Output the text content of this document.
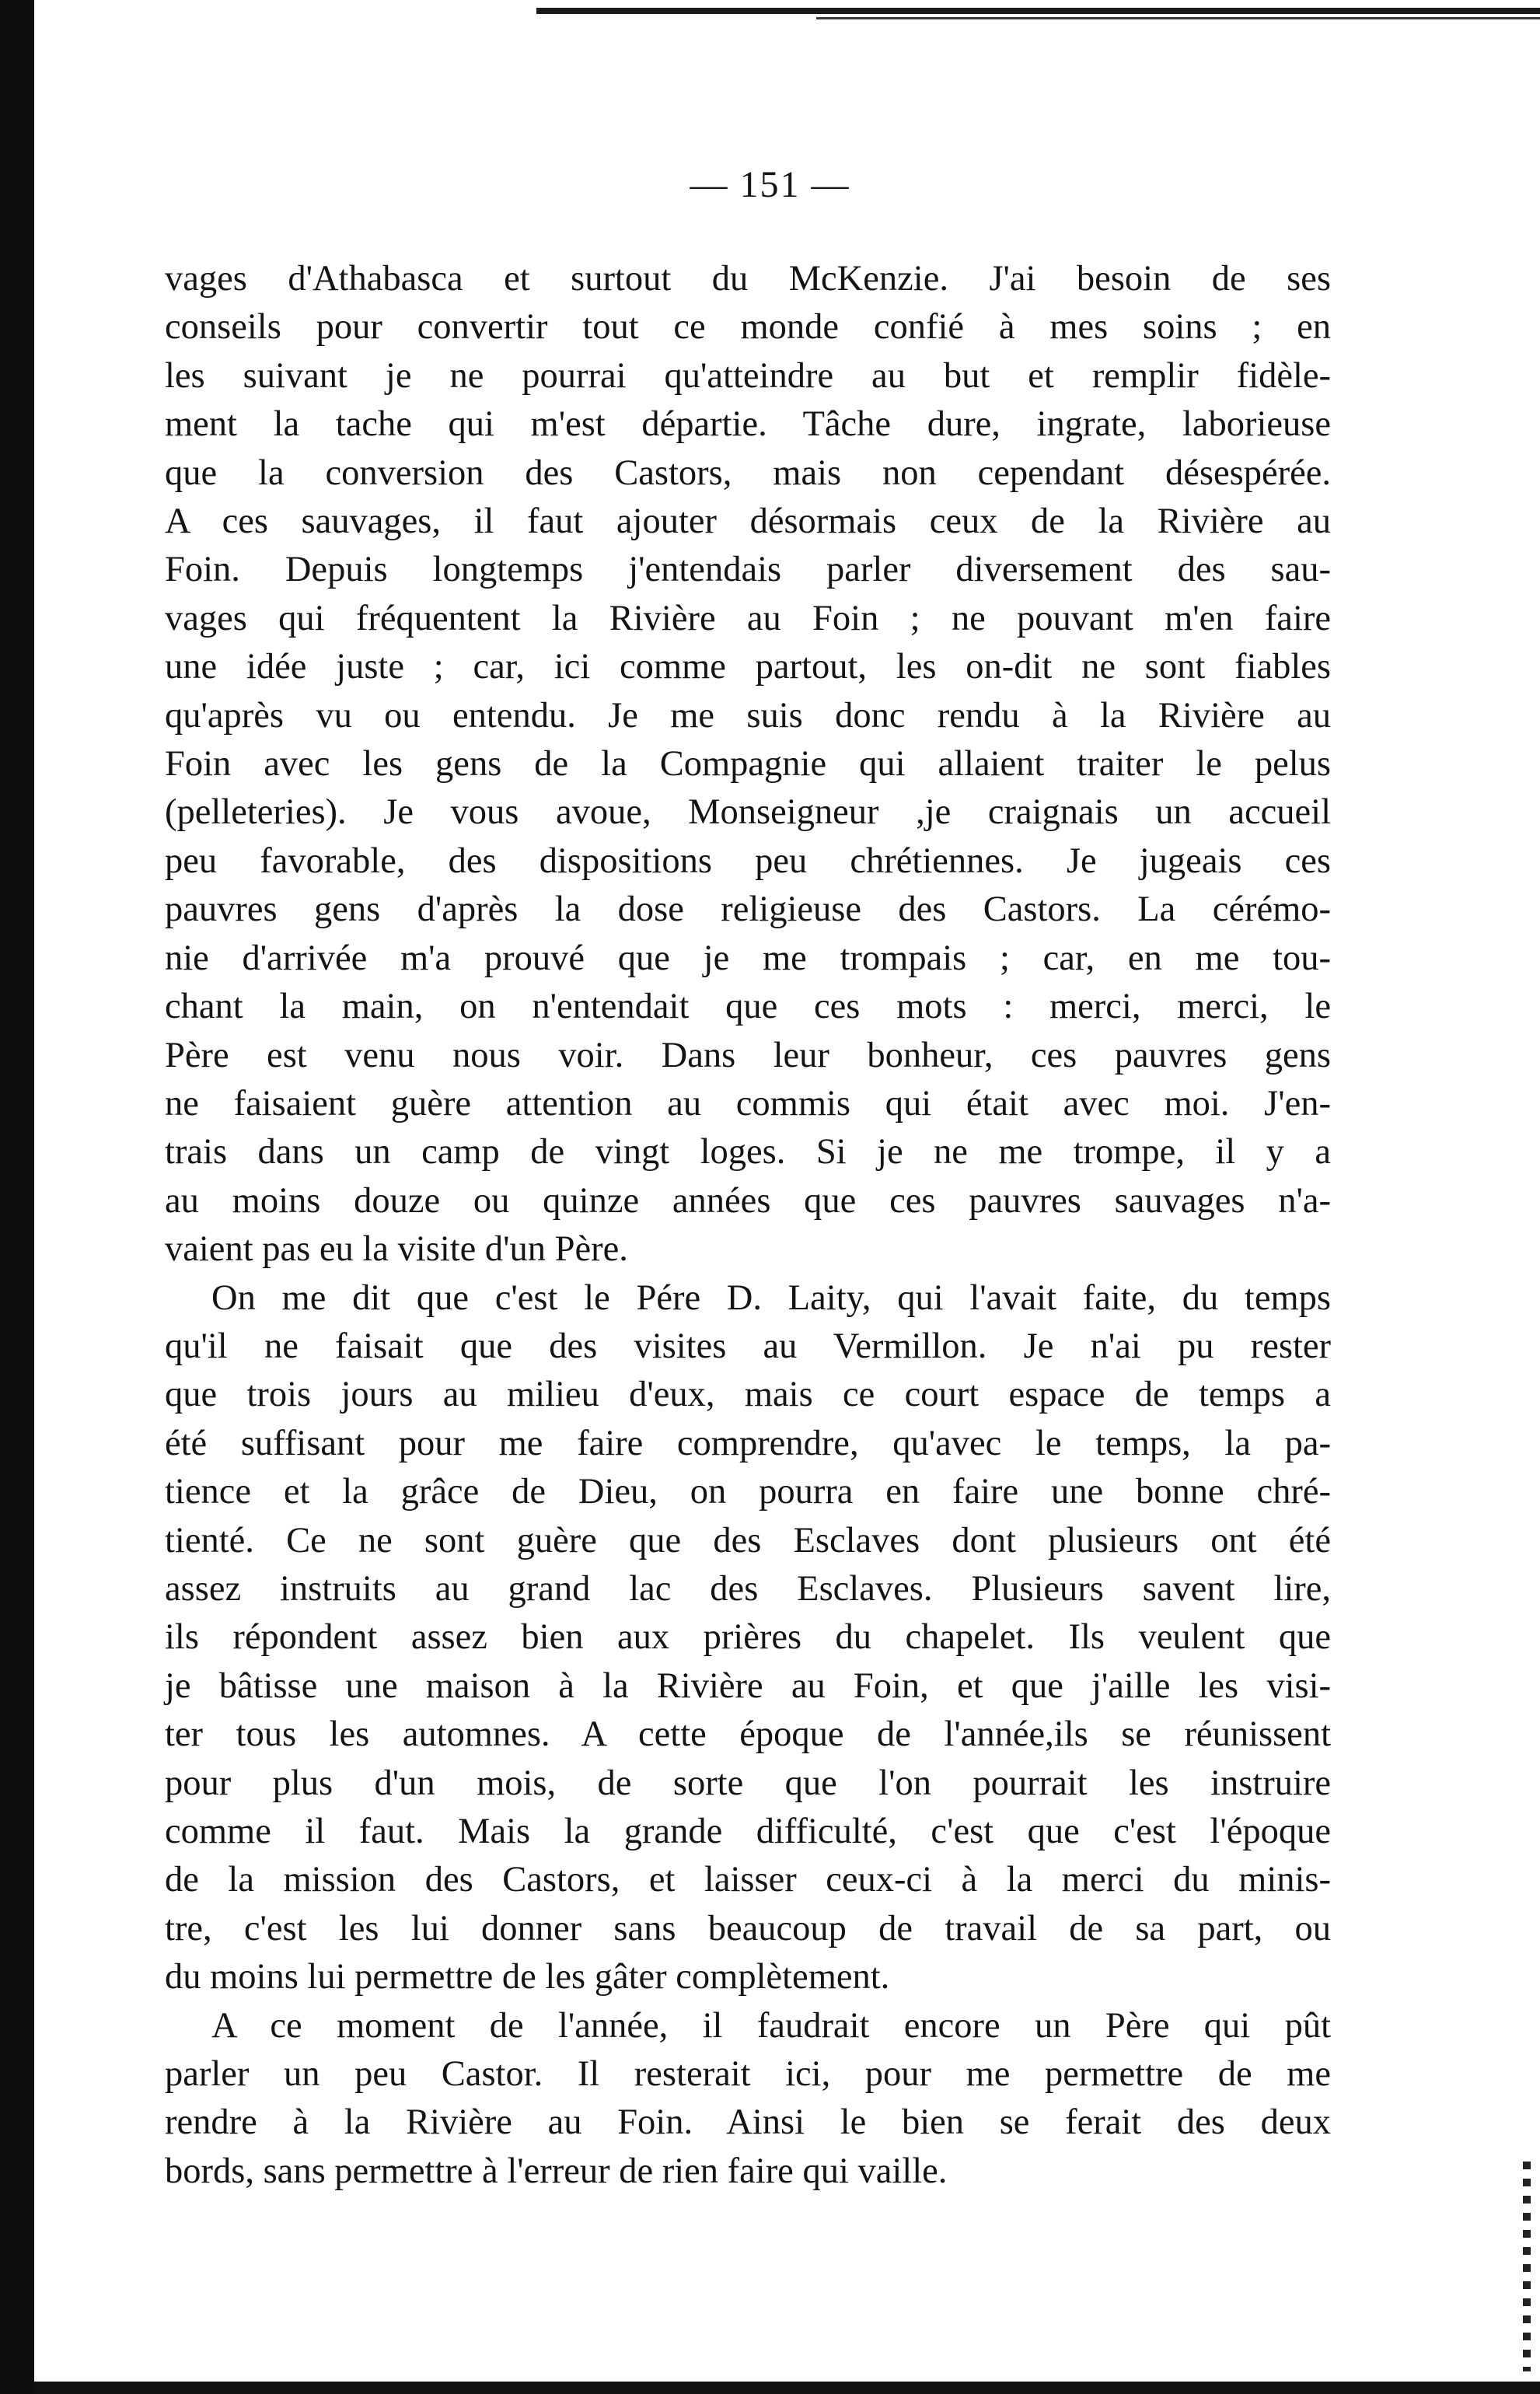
— 151 —
vages d'Athabasca et surtout du McKenzie. J'ai besoin de ses
conseils pour convertir tout ce monde confié à mes soins ; en
les suivant je ne pourrai qu'atteindre au but et remplir fidèle-
ment la tache qui m'est départie. Tâche dure, ingrate, laborieuse
que la conversion des Castors, mais non cependant désespérée.
A ces sauvages, il faut ajouter désormais ceux de la Rivière au
Foin. Depuis longtemps j'entendais parler diversement des sau-
vages qui fréquentent la Rivière au Foin ; ne pouvant m'en faire
une idée juste ; car, ici comme partout, les on-dit ne sont fiables
qu'après vu ou entendu. Je me suis donc rendu à la Rivière au
Foin avec les gens de la Compagnie qui allaient traiter le pelus
(pelleteries). Je vous avoue, Monseigneur ,je craignais un accueil
peu favorable, des dispositions peu chrétiennes. Je jugeais ces
pauvres gens d'après la dose religieuse des Castors. La cérémo-
nie d'arrivée m'a prouvé que je me trompais ; car, en me tou-
chant la main, on n'entendait que ces mots : merci, merci, le
Père est venu nous voir. Dans leur bonheur, ces pauvres gens
ne faisaient guère attention au commis qui était avec moi. J'en-
trais dans un camp de vingt loges. Si je ne me trompe, il y a
au moins douze ou quinze années que ces pauvres sauvages n'a-
vaient pas eu la visite d'un Père.
On me dit que c'est le Pére D. Laity, qui l'avait faite, du temps
qu'il ne faisait que des visites au Vermillon. Je n'ai pu rester
que trois jours au milieu d'eux, mais ce court espace de temps a
été suffisant pour me faire comprendre, qu'avec le temps, la pa-
tience et la grâce de Dieu, on pourra en faire une bonne chré-
tienté. Ce ne sont guère que des Esclaves dont plusieurs ont été
assez instruits au grand lac des Esclaves. Plusieurs savent lire,
ils répondent assez bien aux prières du chapelet. Ils veulent que
je bâtisse une maison à la Rivière au Foin, et que j'aille les visi-
ter tous les automnes. A cette époque de l'année,ils se réunissent
pour plus d'un mois, de sorte que l'on pourrait les instruire
comme il faut. Mais la grande difficulté, c'est que c'est l'époque
de la mission des Castors, et laisser ceux-ci à la merci du minis-
tre, c'est les lui donner sans beaucoup de travail de sa part, ou
du moins lui permettre de les gâter complètement.
A ce moment de l'année, il faudrait encore un Père qui pût
parler un peu Castor. Il resterait ici, pour me permettre de me
rendre à la Rivière au Foin. Ainsi le bien se ferait des deux
bords, sans permettre à l'erreur de rien faire qui vaille.
